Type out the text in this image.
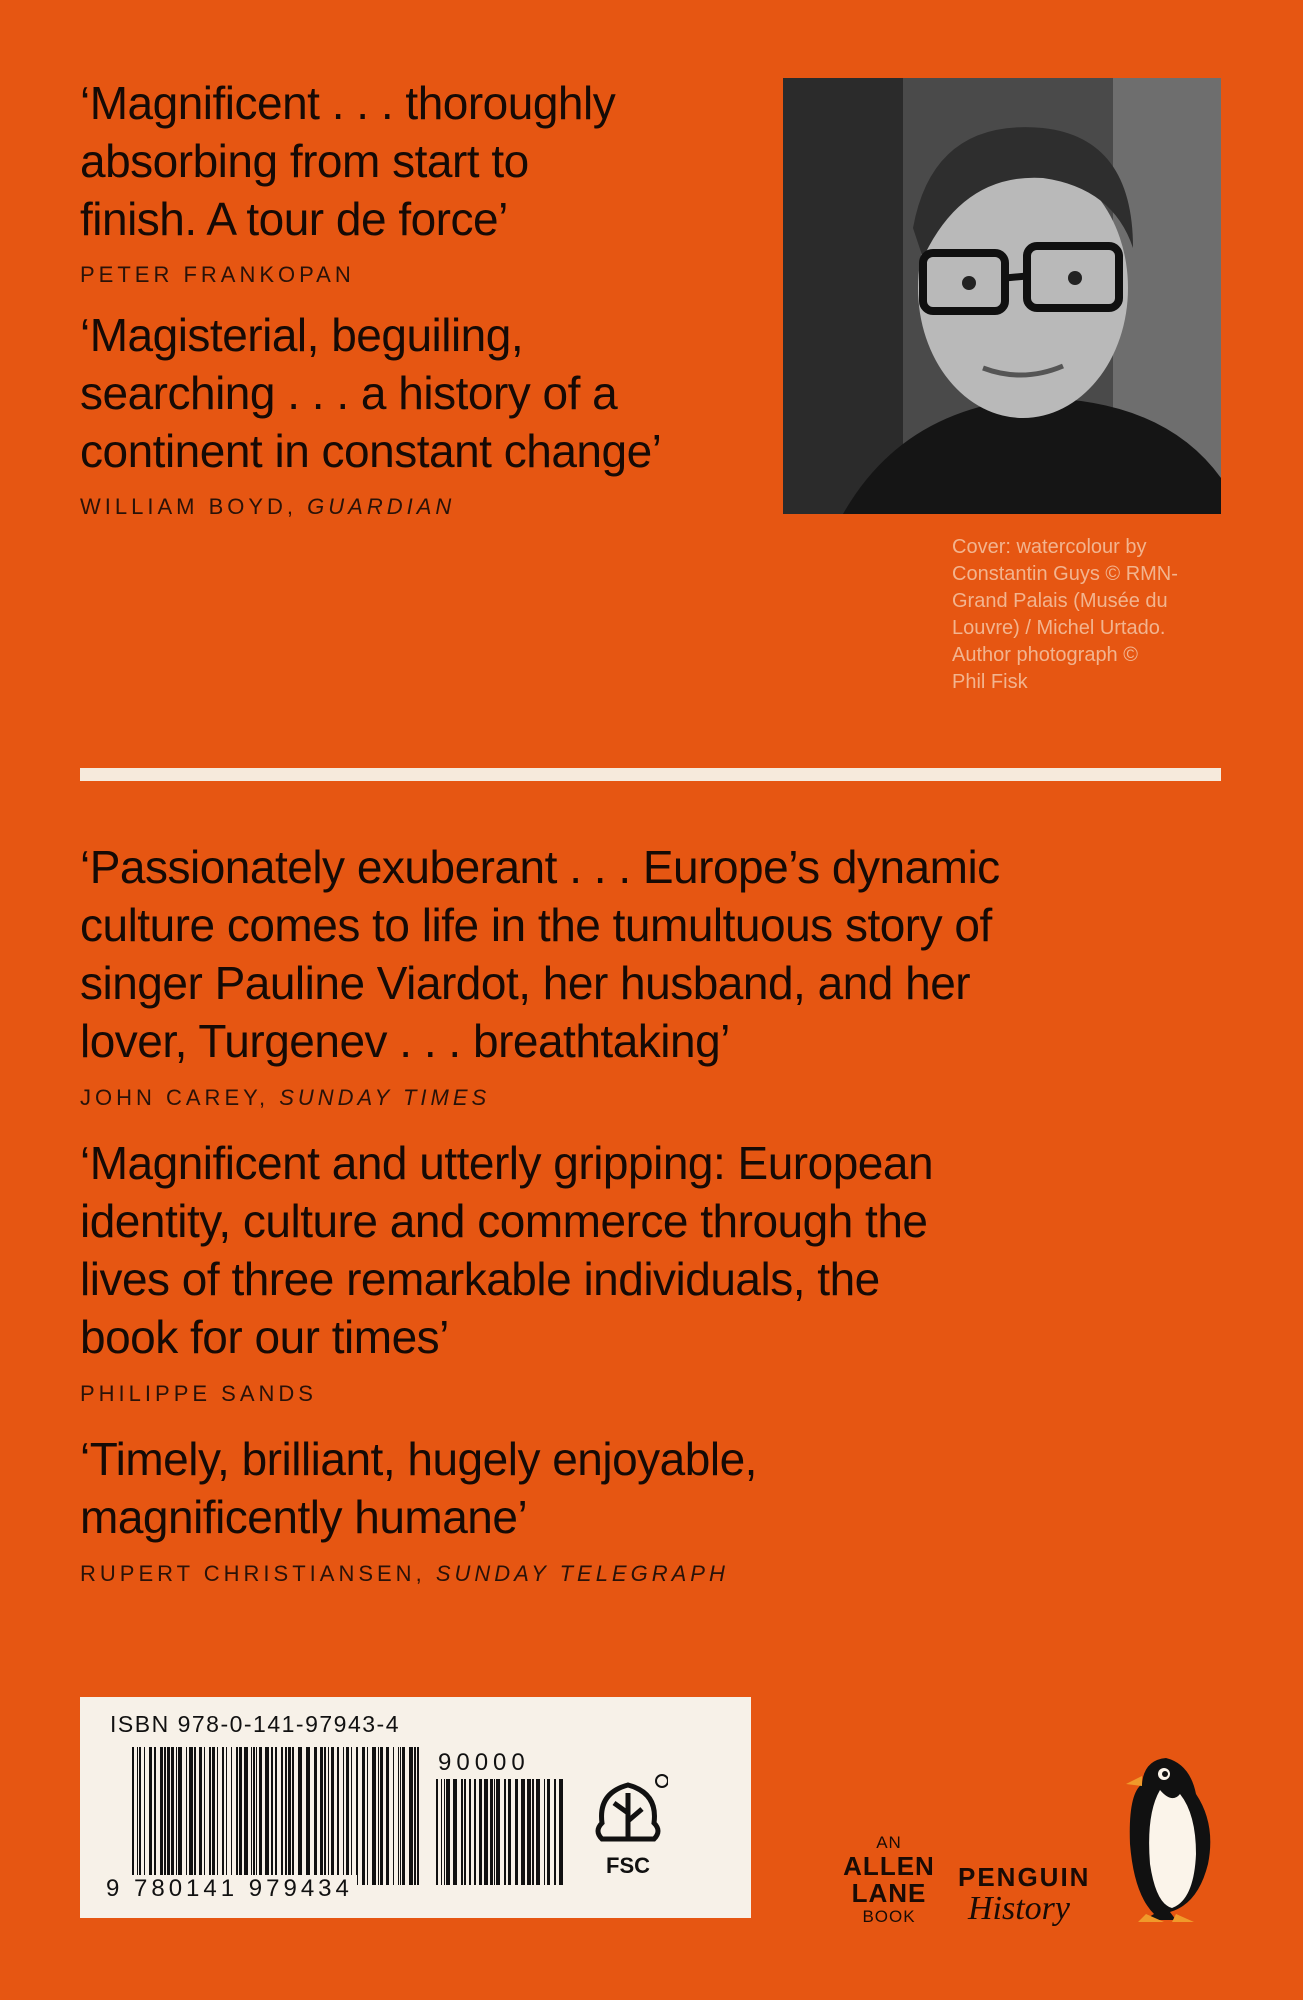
‘Magnificent . . . thoroughly
absorbing from start to
finish. A tour de force’

PETER FRANKOPAN

‘Magisterial, beguiling,
searching . . . a history of a
continent in constant change’

WILLIAM BOYD, GUARDIAN

Cover: watercolour by
Constantin Guys © RMN-
Grand Palais (Musée du
Louvre) / Michel Urtado.
Author photograph ©
Phil Fisk

‘Passionately exuberant . . . Europe’s dynamic
culture comes to life in the tumultuous story of
singer Pauline Viardot, her husband, and her
lover, Turgenev . . . breathtaking’

JOHN CAREY, SUNDAY TIMES

‘Magnificent and utterly gripping: European
identity, culture and commerce through the
lives of three remarkable individuals, the
book for our times’

PHILIPPE SANDS

‘Timely, brilliant, hugely enjoyable,
magnificently humane’

RUPERT CHRISTIANSEN, SUNDAY TELEGRAPH

ISBN 978-0-141-97943-4
9 780141 979434
90000
FSC
AN
ALLEN
LANE
BOOK
PENGUIN
History
